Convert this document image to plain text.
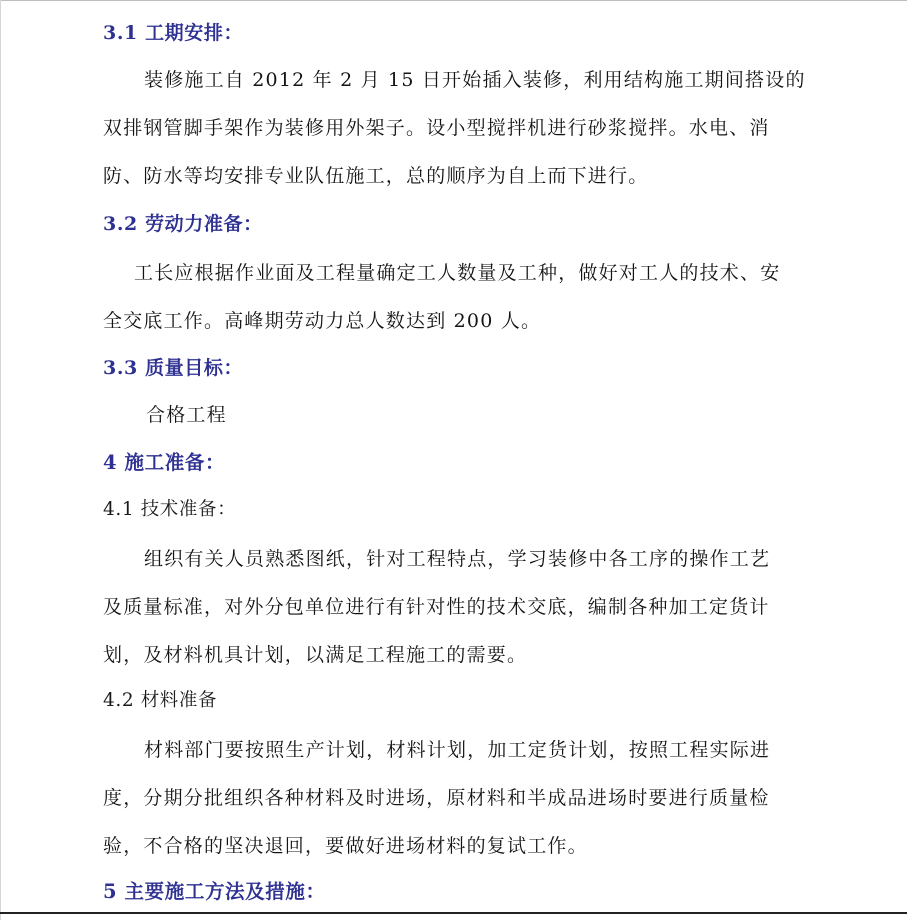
3.1 工期安排：
装修施工自 2012 年 2 月 15 日开始插入装修，利用结构施工期间搭设的
双排钢管脚手架作为装修用外架子。设小型搅拌机进行砂浆搅拌。水电、消
防、防水等均安排专业队伍施工，总的顺序为自上而下进行。
3.2 劳动力准备：
工长应根据作业面及工程量确定工人数量及工种，做好对工人的技术、安
全交底工作。高峰期劳动力总人数达到 200 人。
3.3 质量目标：
合格工程
4 施工准备：
4.1 技术准备：
组织有关人员熟悉图纸，针对工程特点，学习装修中各工序的操作工艺
及质量标准，对外分包单位进行有针对性的技术交底，编制各种加工定货计
划，及材料机具计划，以满足工程施工的需要。
4.2 材料准备
材料部门要按照生产计划，材料计划，加工定货计划，按照工程实际进
度，分期分批组织各种材料及时进场，原材料和半成品进场时要进行质量检
验，不合格的坚决退回，要做好进场材料的复试工作。
5 主要施工方法及措施：
